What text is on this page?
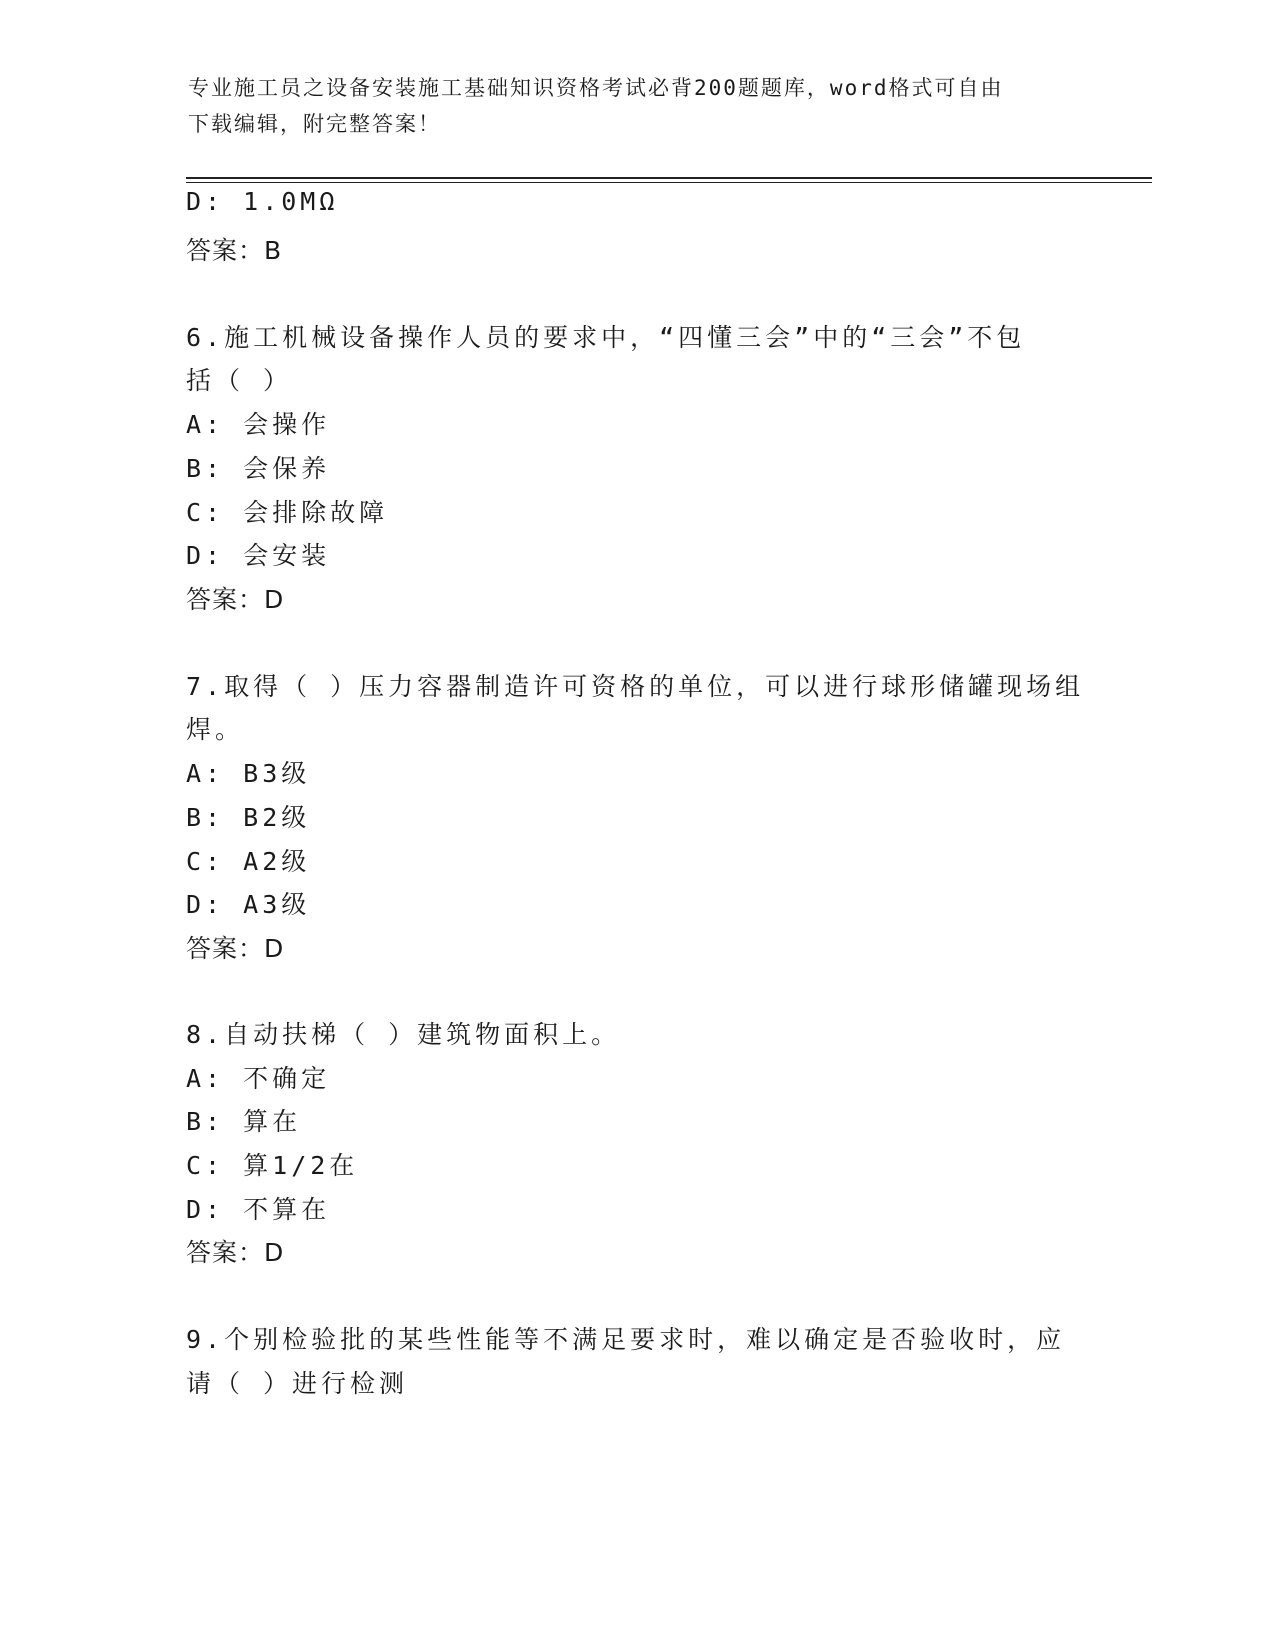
专业施工员之设备安装施工基础知识资格考试必背200题题库，word格式可自由
下载编辑，附完整答案！
D: 1.0MΩ
答案：B
6.施工机械设备操作人员的要求中，“四懂三会”中的“三会”不包
括（ ）
A: 会操作
B: 会保养
C: 会排除故障
D: 会安装
答案：D
7.取得（ ）压力容器制造许可资格的单位，可以进行球形储罐现场组
焊。
A: B3级
B: B2级
C: A2级
D: A3级
答案：D
8.自动扶梯（ ）建筑物面积上。
A: 不确定
B: 算在
C: 算1/2在
D: 不算在
答案：D
9.个别检验批的某些性能等不满足要求时，难以确定是否验收时，应
请（ ）进行检测
